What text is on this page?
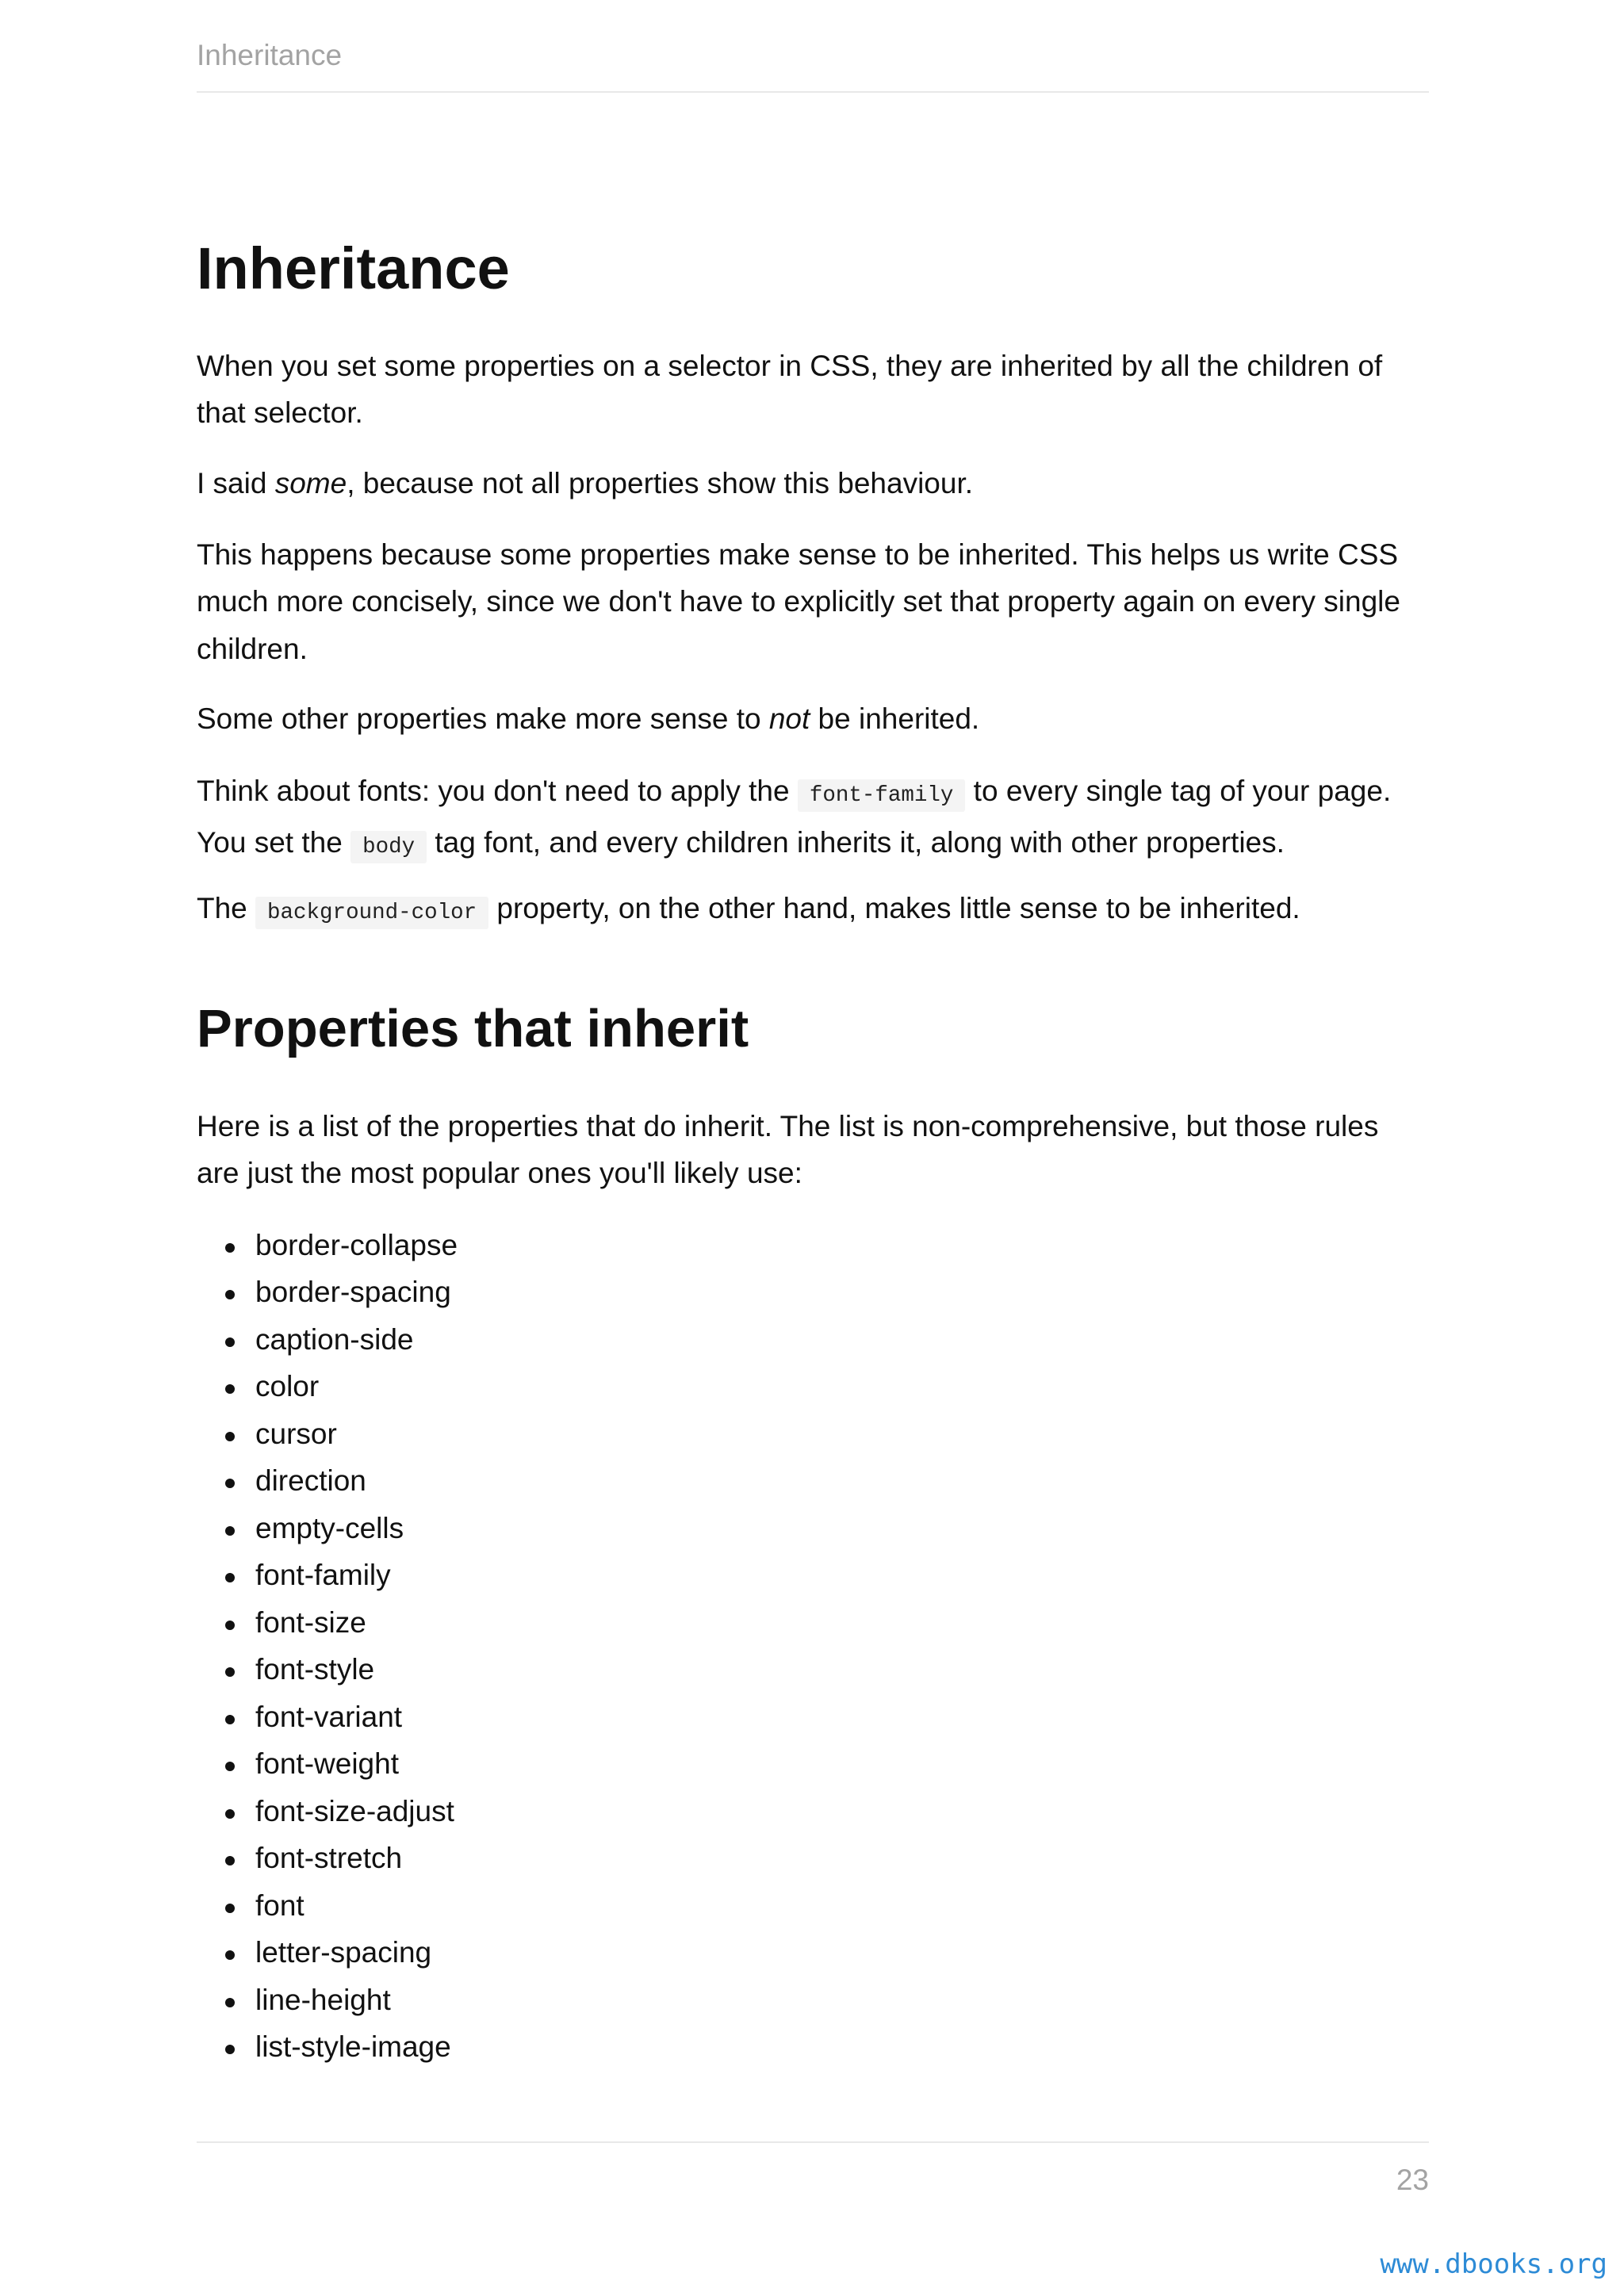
Inheritance
Inheritance

When you set some properties on a selector in CSS, they are inherited by all the children of that selector.

I said some, because not all properties show this behaviour.

This happens because some properties make sense to be inherited. This helps us write CSS much more concisely, since we don't have to explicitly set that property again on every single children.

Some other properties make more sense to not be inherited.

Think about fonts: you don't need to apply the font-family to every single tag of your page. You set the body tag font, and every children inherits it, along with other properties.

The background-color property, on the other hand, makes little sense to be inherited.

Properties that inherit

Here is a list of the properties that do inherit. The list is non-comprehensive, but those rules are just the most popular ones you'll likely use:

border-collapse
border-spacing
caption-side
color
cursor
direction
empty-cells
font-family
font-size
font-style
font-variant
font-weight
font-size-adjust
font-stretch
font
letter-spacing
line-height
list-style-image
23
www.dbooks.org
